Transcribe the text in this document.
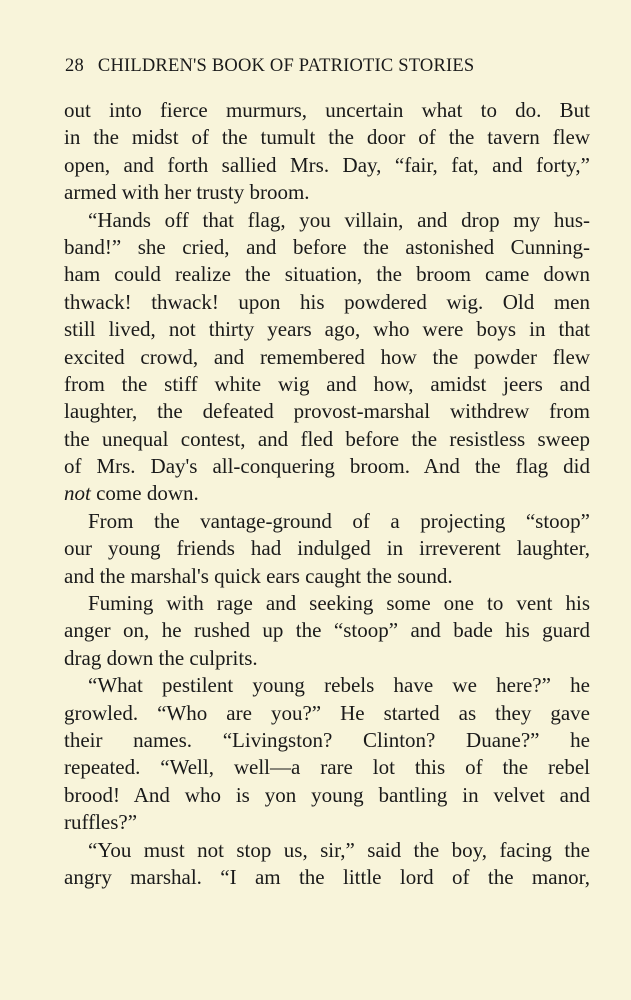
28 CHILDREN'S BOOK OF PATRIOTIC STORIES
out into fierce murmurs, uncertain what to do. But
in the midst of the tumult the door of the tavern flew
open, and forth sallied Mrs. Day, “fair, fat, and forty,”
armed with her trusty broom.
“Hands off that flag, you villain, and drop my hus-
band!” she cried, and before the astonished Cunning-
ham could realize the situation, the broom came down
thwack! thwack! upon his powdered wig. Old men
still lived, not thirty years ago, who were boys in that
excited crowd, and remembered how the powder flew
from the stiff white wig and how, amidst jeers and
laughter, the defeated provost-marshal withdrew from
the unequal contest, and fled before the resistless sweep
of Mrs. Day's all-conquering broom. And the flag did
not come down.
From the vantage-ground of a projecting “stoop”
our young friends had indulged in irreverent laughter,
and the marshal's quick ears caught the sound.
Fuming with rage and seeking some one to vent his
anger on, he rushed up the “stoop” and bade his guard
drag down the culprits.
“What pestilent young rebels have we here?” he
growled. “Who are you?” He started as they gave
their names. “Livingston? Clinton? Duane?” he
repeated. “Well, well—a rare lot this of the rebel
brood! And who is yon young bantling in velvet and
ruffles?”
“You must not stop us, sir,” said the boy, facing the
angry marshal. “I am the little lord of the manor,
